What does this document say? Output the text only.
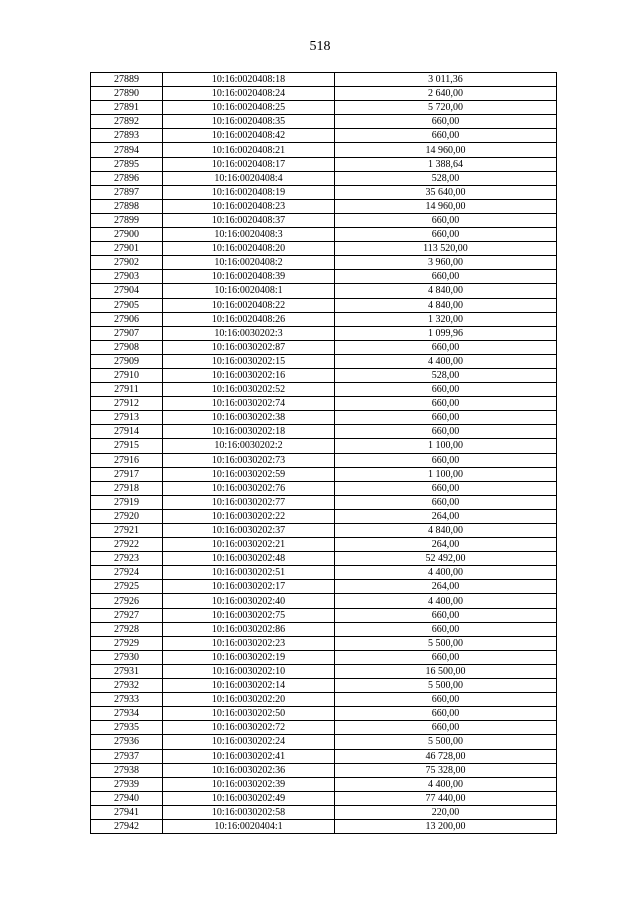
518
27889	10:16:0020408:18	3 011,36
27890	10:16:0020408:24	2 640,00
27891	10:16:0020408:25	5 720,00
27892	10:16:0020408:35	660,00
27893	10:16:0020408:42	660,00
27894	10:16:0020408:21	14 960,00
27895	10:16:0020408:17	1 388,64
27896	10:16:0020408:4	528,00
27897	10:16:0020408:19	35 640,00
27898	10:16:0020408:23	14 960,00
27899	10:16:0020408:37	660,00
27900	10:16:0020408:3	660,00
27901	10:16:0020408:20	113 520,00
27902	10:16:0020408:2	3 960,00
27903	10:16:0020408:39	660,00
27904	10:16:0020408:1	4 840,00
27905	10:16:0020408:22	4 840,00
27906	10:16:0020408:26	1 320,00
27907	10:16:0030202:3	1 099,96
27908	10:16:0030202:87	660,00
27909	10:16:0030202:15	4 400,00
27910	10:16:0030202:16	528,00
27911	10:16:0030202:52	660,00
27912	10:16:0030202:74	660,00
27913	10:16:0030202:38	660,00
27914	10:16:0030202:18	660,00
27915	10:16:0030202:2	1 100,00
27916	10:16:0030202:73	660,00
27917	10:16:0030202:59	1 100,00
27918	10:16:0030202:76	660,00
27919	10:16:0030202:77	660,00
27920	10:16:0030202:22	264,00
27921	10:16:0030202:37	4 840,00
27922	10:16:0030202:21	264,00
27923	10:16:0030202:48	52 492,00
27924	10:16:0030202:51	4 400,00
27925	10:16:0030202:17	264,00
27926	10:16:0030202:40	4 400,00
27927	10:16:0030202:75	660,00
27928	10:16:0030202:86	660,00
27929	10:16:0030202:23	5 500,00
27930	10:16:0030202:19	660,00
27931	10:16:0030202:10	16 500,00
27932	10:16:0030202:14	5 500,00
27933	10:16:0030202:20	660,00
27934	10:16:0030202:50	660,00
27935	10:16:0030202:72	660,00
27936	10:16:0030202:24	5 500,00
27937	10:16:0030202:41	46 728,00
27938	10:16:0030202:36	75 328,00
27939	10:16:0030202:39	4 400,00
27940	10:16:0030202:49	77 440,00
27941	10:16:0030202:58	220,00
27942	10:16:0020404:1	13 200,00
